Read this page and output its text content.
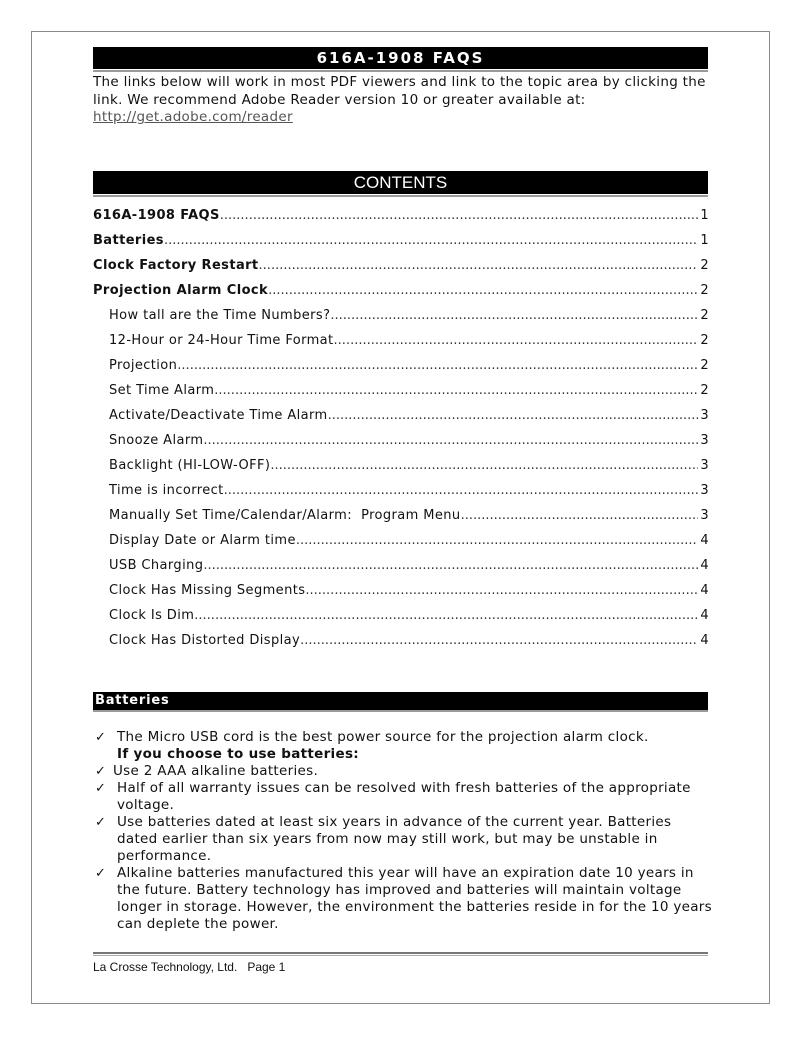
616A-1908 FAQS
The links below will work in most PDF viewers and link to the topic area by clicking the link. We recommend Adobe Reader version 10 or greater available at:
http://get.adobe.com/reader
CONTENTS
616A-1908 FAQS .....	1
Batteries .....	1
Clock Factory Restart .....	2
Projection Alarm Clock .....	2
How tall are the Time Numbers? .....	2
12-Hour or 24-Hour Time Format .....	2
Projection .....	2
Set Time Alarm .....	2
Activate/Deactivate Time Alarm .....	3
Snooze Alarm .....	3
Backlight (HI-LOW-OFF) .....	3
Time is incorrect .....	3
Manually Set Time/Calendar/Alarm:  Program Menu .....	3
Display Date or Alarm time .....	4
USB Charging .....	4
Clock Has Missing Segments .....	4
Clock Is Dim .....	4
Clock Has Distorted Display .....	4
Batteries
✓ The Micro USB cord is the best power source for the projection alarm clock.
If you choose to use batteries:
✓ Use 2 AAA alkaline batteries.
✓ Half of all warranty issues can be resolved with fresh batteries of the appropriate voltage.
✓ Use batteries dated at least six years in advance of the current year. Batteries dated earlier than six years from now may still work, but may be unstable in performance.
✓ Alkaline batteries manufactured this year will have an expiration date 10 years in the future. Battery technology has improved and batteries will maintain voltage longer in storage. However, the environment the batteries reside in for the 10 years can deplete the power.
La Crosse Technology, Ltd.   Page 1
